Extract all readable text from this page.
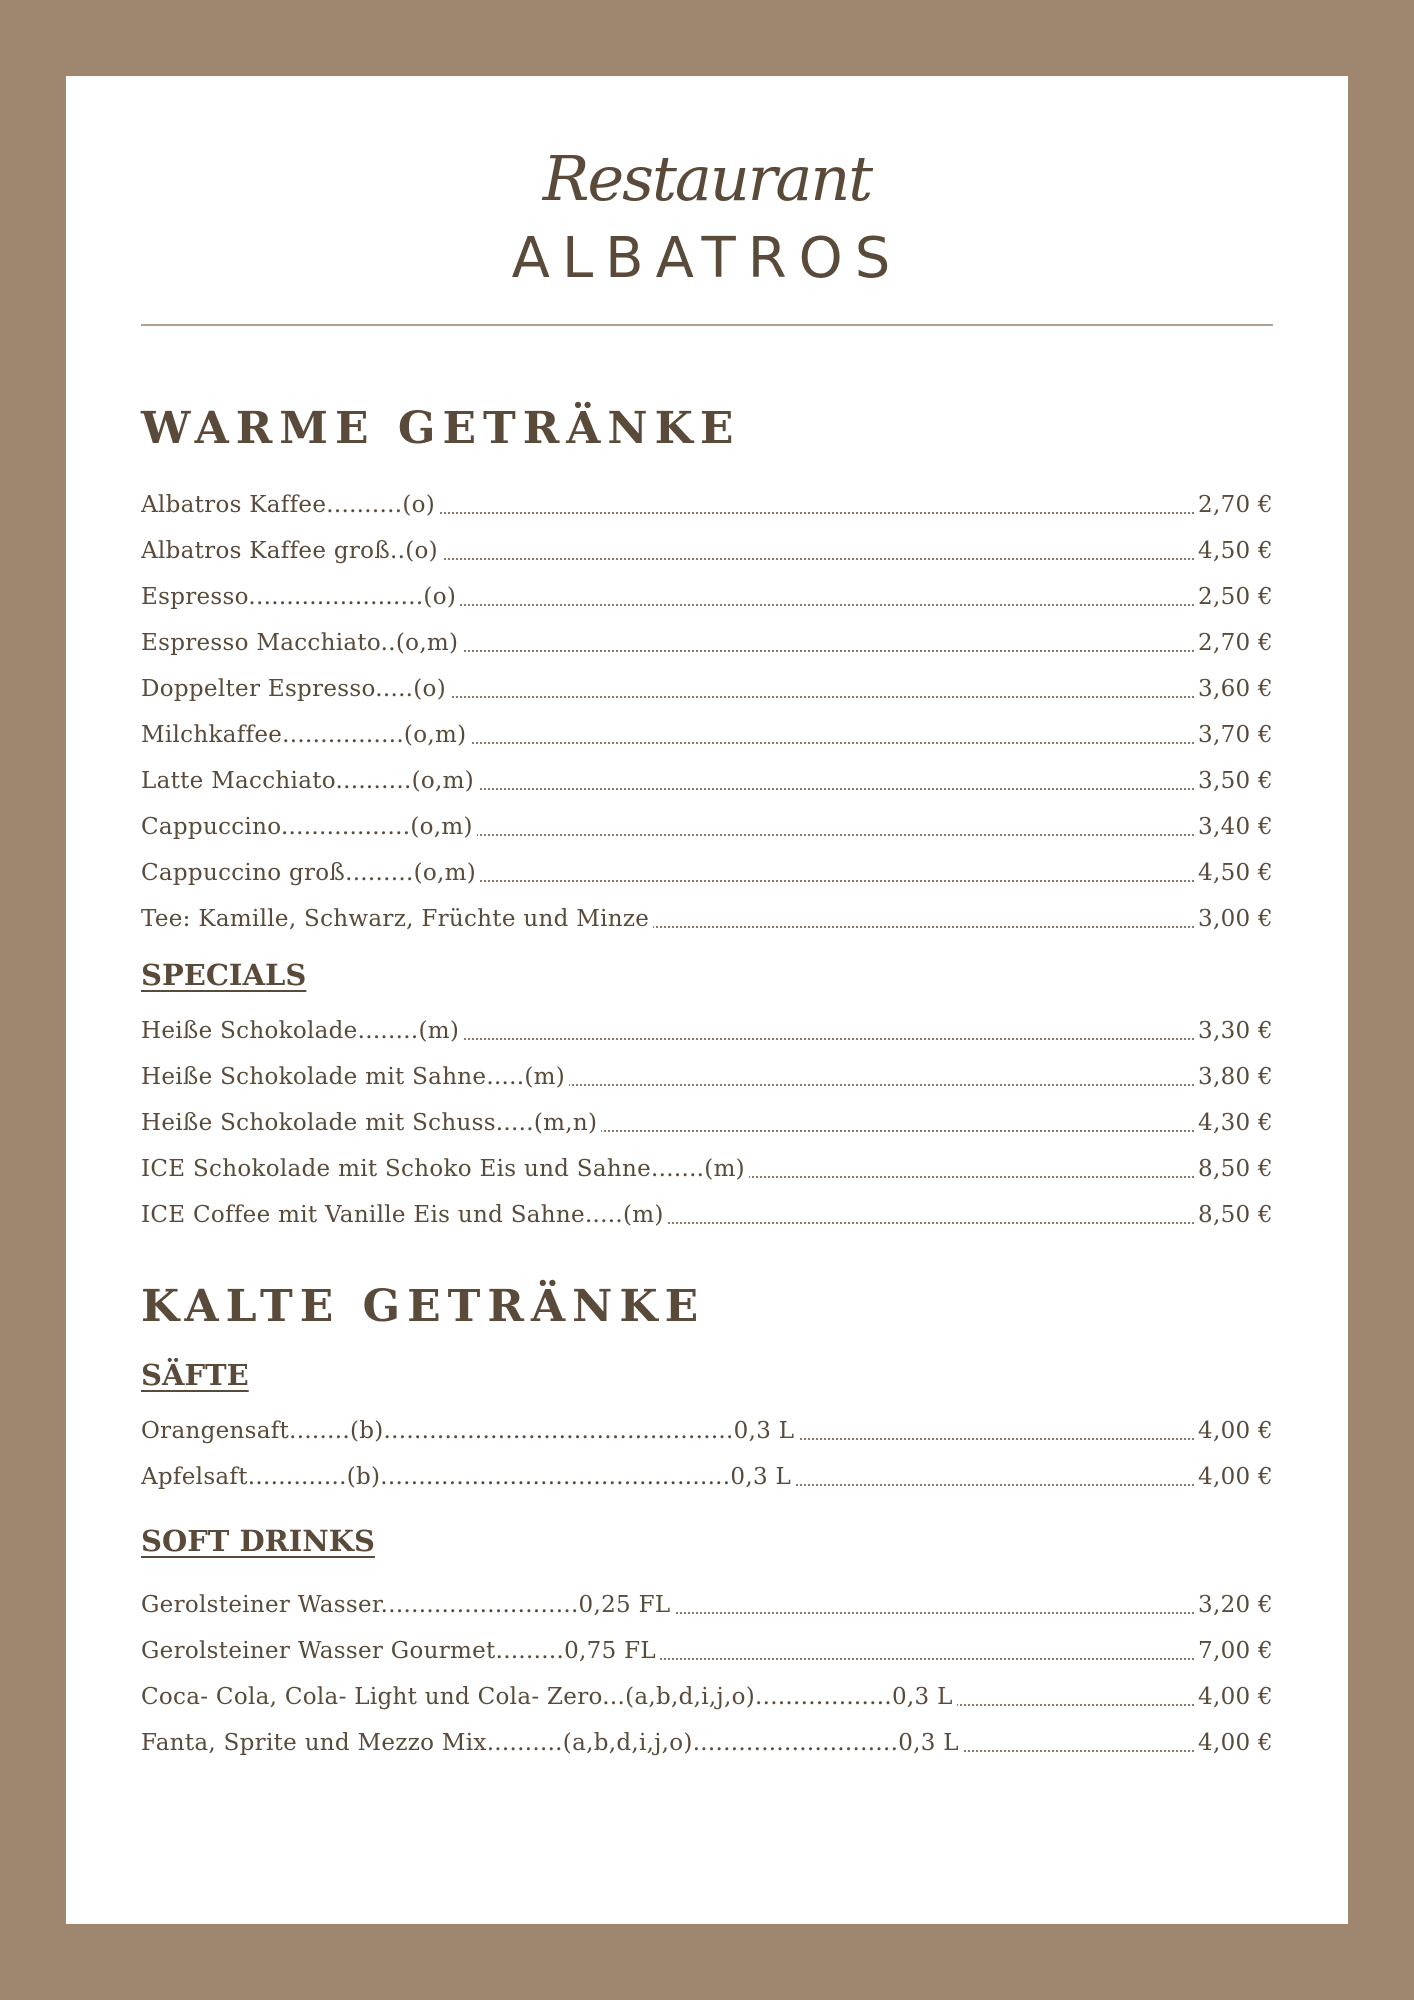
Restaurant
ALBATROS
WARME GETRÄNKE
Albatros Kaffee..........(o)	2,70 €
Albatros Kaffee groß..(o)	4,50 €
Espresso.......................(o)	2,50 €
Espresso Macchiato..(o,m)	2,70 €
Doppelter Espresso.....(o)	3,60 €
Milchkaffee................(o,m)	3,70 €
Latte Macchiato..........(o,m)	3,50 €
Cappuccino.................(o,m)	3,40 €
Cappuccino groß.........(o,m)	4,50 €
Tee: Kamille, Schwarz, Früchte und Minze	3,00 €
SPECIALS
Heiße Schokolade........(m)	3,30 €
Heiße Schokolade mit Sahne.....(m)	3,80 €
Heiße Schokolade mit Schuss.....(m,n)	4,30 €
ICE Schokolade mit Schoko Eis und Sahne.......(m)	8,50 €
ICE Coffee mit Vanille Eis und Sahne.....(m)	8,50 €
KALTE GETRÄNKE
SÄFTE
Orangensaft........(b)..............................................0,3 L	4,00 €
Apfelsaft.............(b)..............................................0,3 L	4,00 €
SOFT DRINKS
Gerolsteiner Wasser..........................0,25 FL	3,20 €
Gerolsteiner Wasser Gourmet.........0,75 FL	7,00 €
Coca- Cola, Cola- Light und Cola- Zero...(a,b,d,i,j,o)..................0,3 L	4,00 €
Fanta, Sprite und Mezzo Mix..........(a,b,d,i,j,o)...........................0,3 L	4,00 €
